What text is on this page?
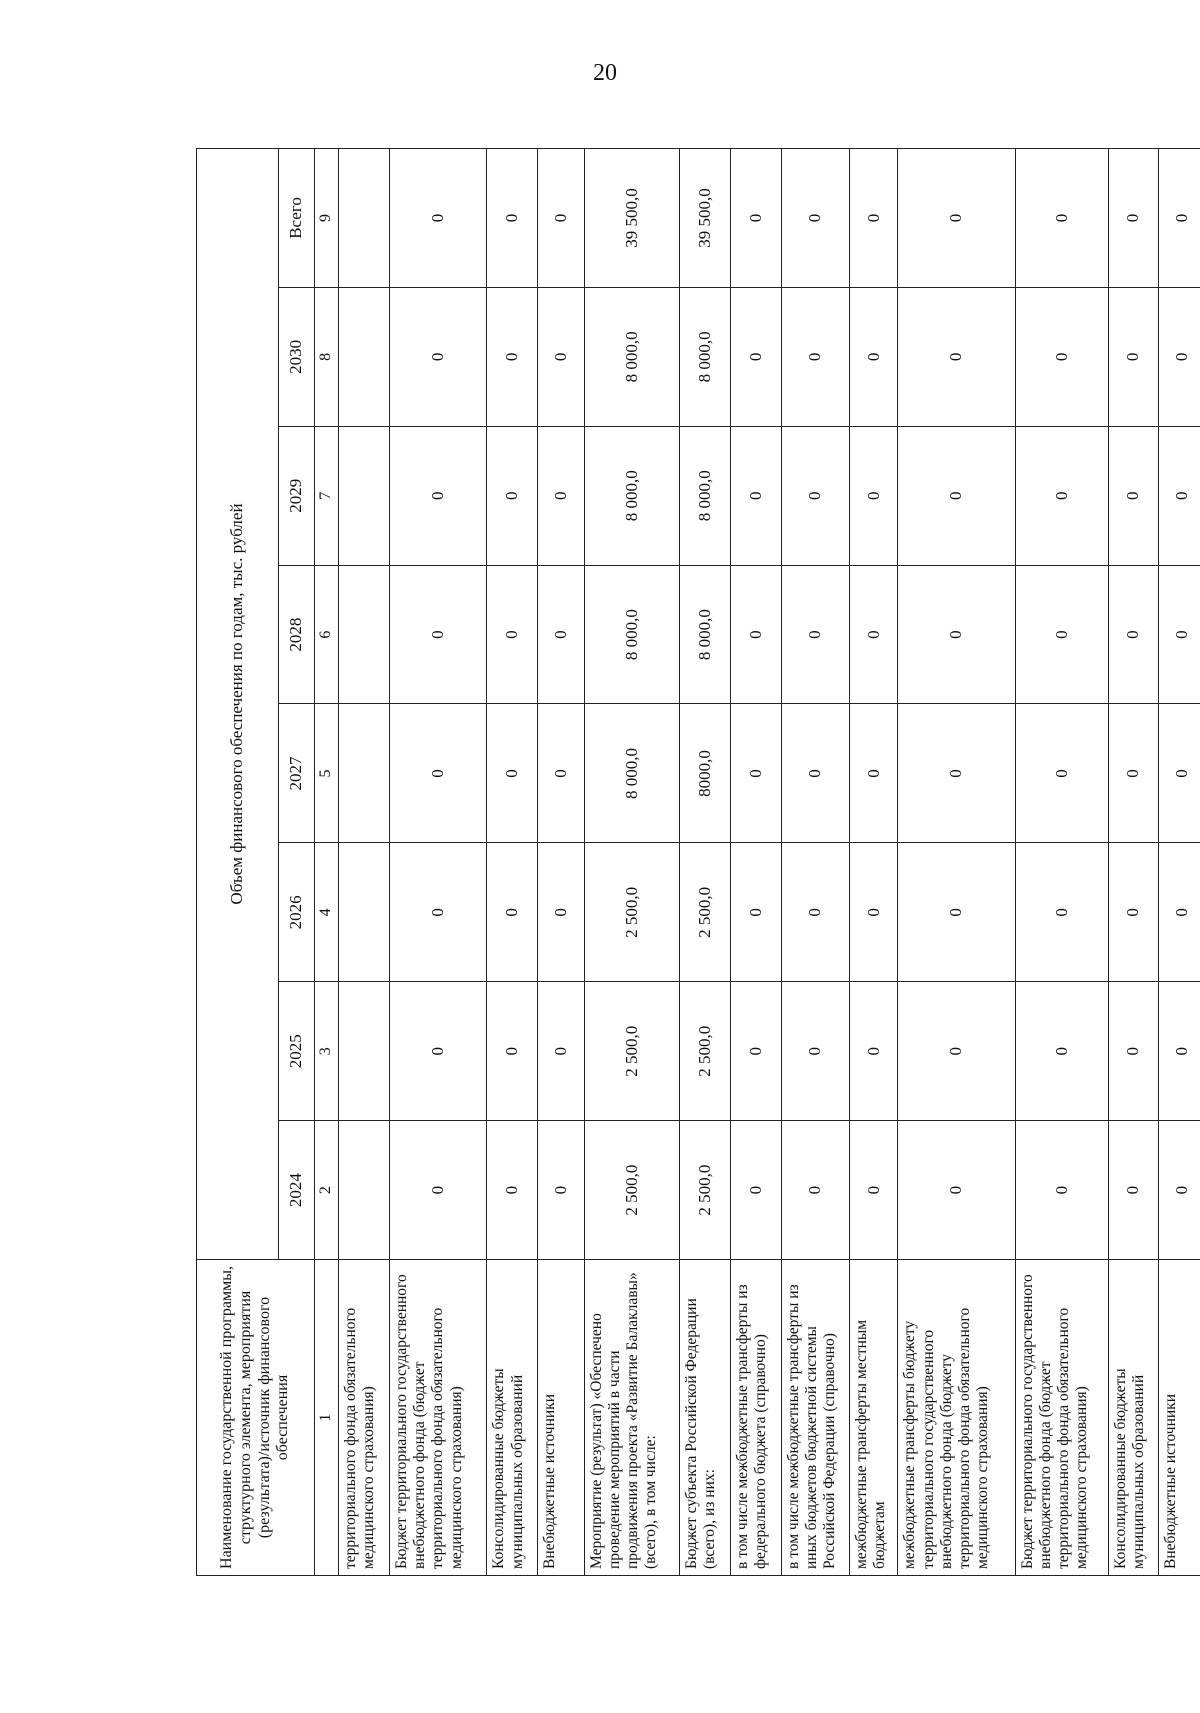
20
Наименование государственной программы, структурного элемента, мероприятия (результата)/источник финансового обеспечения	Объем финансового обеспечения по годам, тыс. рублей							
	2024	2025	2026	2027	2028	2029	2030	Всего
1	2	3	4	5	6	7	8	9
территориального фонда обязательного медицинского страхования)								
Бюджет территориального государственного внебюджетного фонда (бюджет территориального фонда обязательного медицинского страхования)	0	0	0	0	0	0	0	0
Консолидированные бюджеты муниципальных образований	0	0	0	0	0	0	0	0
Внебюджетные источники	0	0	0	0	0	0	0	0
Мероприятие (результат) «Обеспечено проведение мероприятий в части продвижения проекта «Развитие Балаклавы» (всего), в том числе:	2 500,0	2 500,0	2 500,0	8 000,0	8 000,0	8 000,0	8 000,0	39 500,0
Бюджет субъекта Российской Федерации (всего), из них:	2 500,0	2 500,0	2 500,0	8000,0	8 000,0	8 000,0	8 000,0	39 500,0
в том числе межбюджетные трансферты из федерального бюджета (справочно)	0	0	0	0	0	0	0	0
в том числе межбюджетные трансферты из иных бюджетов бюджетной системы Российской Федерации (справочно)	0	0	0	0	0	0	0	0
межбюджетные трансферты местным бюджетам	0	0	0	0	0	0	0	0
межбюджетные трансферты бюджету территориального государственного внебюджетного фонда (бюджету территориального фонда обязательного медицинского страхования)	0	0	0	0	0	0	0	0
Бюджет территориального государственного внебюджетного фонда (бюджет территориального фонда обязательного медицинского страхования)	0	0	0	0	0	0	0	0
Консолидированные бюджеты муниципальных образований	0	0	0	0	0	0	0	0
Внебюджетные источники	0	0	0	0	0	0	0	0
